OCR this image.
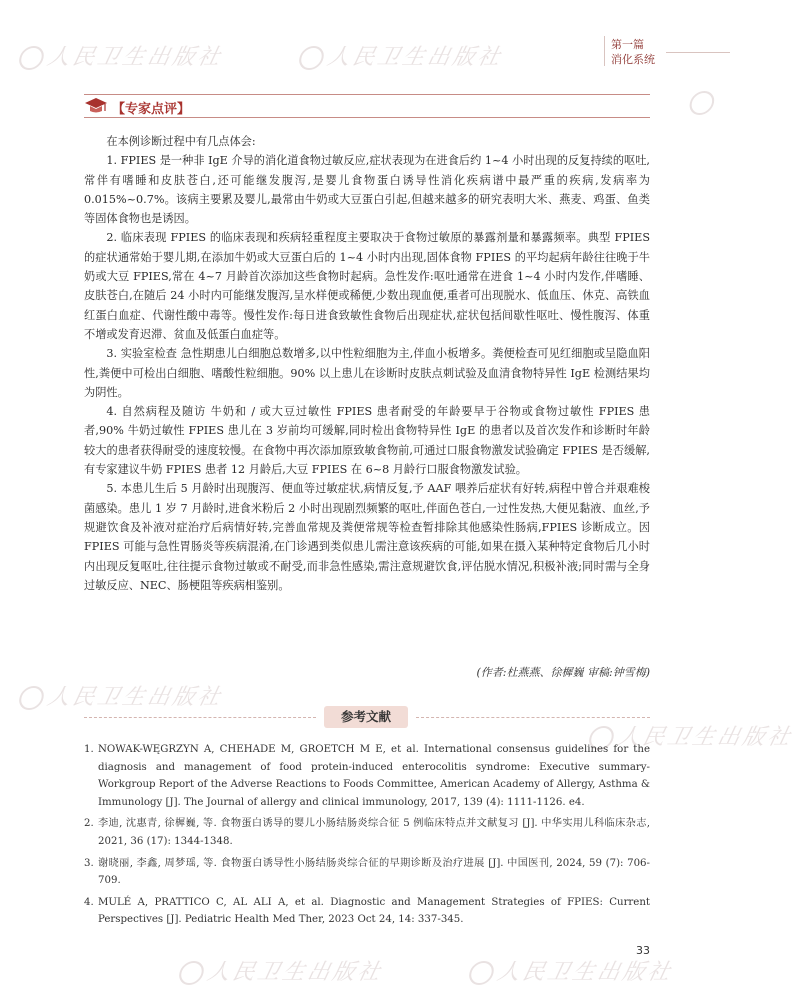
人民卫生出版社	人民卫生出版社
人民卫生出版社
人民卫生出版社
人民卫生出版社	人民卫生出版社
第一篇
消化系统
【专家点评】

在本例诊断过程中有几点体会:

1. FPIES 是一种非 IgE 介导的消化道食物过敏反应,症状表现为在进食后约 1~4 小时出现的反复持续的呕吐,常伴有嗜睡和皮肤苍白,还可能继发腹泻,是婴儿食物蛋白诱导性消化疾病谱中最严重的疾病,发病率为 0.015%~0.7%。该病主要累及婴儿,最常由牛奶或大豆蛋白引起,但越来越多的研究表明大米、燕麦、鸡蛋、鱼类等固体食物也是诱因。

2. 临床表现 FPIES 的临床表现和疾病轻重程度主要取决于食物过敏原的暴露剂量和暴露频率。典型 FPIES 的症状通常始于婴儿期,在添加牛奶或大豆蛋白后的 1~4 小时内出现,固体食物 FPIES 的平均起病年龄往往晚于牛奶或大豆 FPIES,常在 4~7 月龄首次添加这些食物时起病。急性发作:呕吐通常在进食 1~4 小时内发作,伴嗜睡、皮肤苍白,在随后 24 小时内可能继发腹泻,呈水样便或稀便,少数出现血便,重者可出现脱水、低血压、休克、高铁血红蛋白血症、代谢性酸中毒等。慢性发作:每日进食致敏性食物后出现症状,症状包括间歇性呕吐、慢性腹泻、体重不增或发育迟滞、贫血及低蛋白血症等。

3. 实验室检查 急性期患儿白细胞总数增多,以中性粒细胞为主,伴血小板增多。粪便检查可见红细胞或呈隐血阳性,粪便中可检出白细胞、嗜酸性粒细胞。90% 以上患儿在诊断时皮肤点刺试验及血清食物特异性 IgE 检测结果均为阴性。

4. 自然病程及随访 牛奶和 / 或大豆过敏性 FPIES 患者耐受的年龄要早于谷物或食物过敏性 FPIES 患者,90% 牛奶过敏性 FPIES 患儿在 3 岁前均可缓解,同时检出食物特异性 IgE 的患者以及首次发作和诊断时年龄较大的患者获得耐受的速度较慢。在食物中再次添加原致敏食物前,可通过口服食物激发试验确定 FPIES 是否缓解,有专家建议牛奶 FPIES 患者 12 月龄后,大豆 FPIES 在 6~8 月龄行口服食物激发试验。

5. 本患儿生后 5 月龄时出现腹泻、便血等过敏症状,病情反复,予 AAF 喂养后症状有好转,病程中曾合并艰难梭菌感染。患儿 1 岁 7 月龄时,进食米粉后 2 小时出现剧烈频繁的呕吐,伴面色苍白,一过性发热,大便见黏液、血丝,予规避饮食及补液对症治疗后病情好转,完善血常规及粪便常规等检查暂排除其他感染性肠病,FPIES 诊断成立。因 FPIES 可能与急性胃肠炎等疾病混淆,在门诊遇到类似患儿需注意该疾病的可能,如果在摄入某种特定食物后几小时内出现反复呕吐,往往提示食物过敏或不耐受,而非急性感染,需注意规避饮食,评估脱水情况,积极补液;同时需与全身过敏反应、NEC、肠梗阻等疾病相鉴别。

(作者:杜燕燕、徐樨巍 审稿:钟雪梅)
参考文献
1. NOWAK-WĘGRZYN A, CHEHADE M, GROETCH M E, et al. International consensus guidelines for the diagnosis and management of food protein-induced enterocolitis syndrome: Executive summary-Workgroup Report of the Adverse Reactions to Foods Committee, American Academy of Allergy, Asthma & Immunology [J]. The Journal of allergy and clinical immunology, 2017, 139 (4): 1111-1126. e4.
2. 李迪, 沈惠青, 徐樨巍, 等. 食物蛋白诱导的婴儿小肠结肠炎综合征 5 例临床特点并文献复习 [J]. 中华实用儿科临床杂志, 2021, 36 (17): 1344-1348.
3. 谢晓丽, 李鑫, 周梦瑶, 等. 食物蛋白诱导性小肠结肠炎综合征的早期诊断及治疗进展 [J]. 中国医刊, 2024, 59 (7): 706-709.
4. MULÉ A, PRATTICO C, AL ALI A, et al. Diagnostic and Management Strategies of FPIES: Current Perspectives [J]. Pediatric Health Med Ther, 2023 Oct 24, 14: 337-345.
33
